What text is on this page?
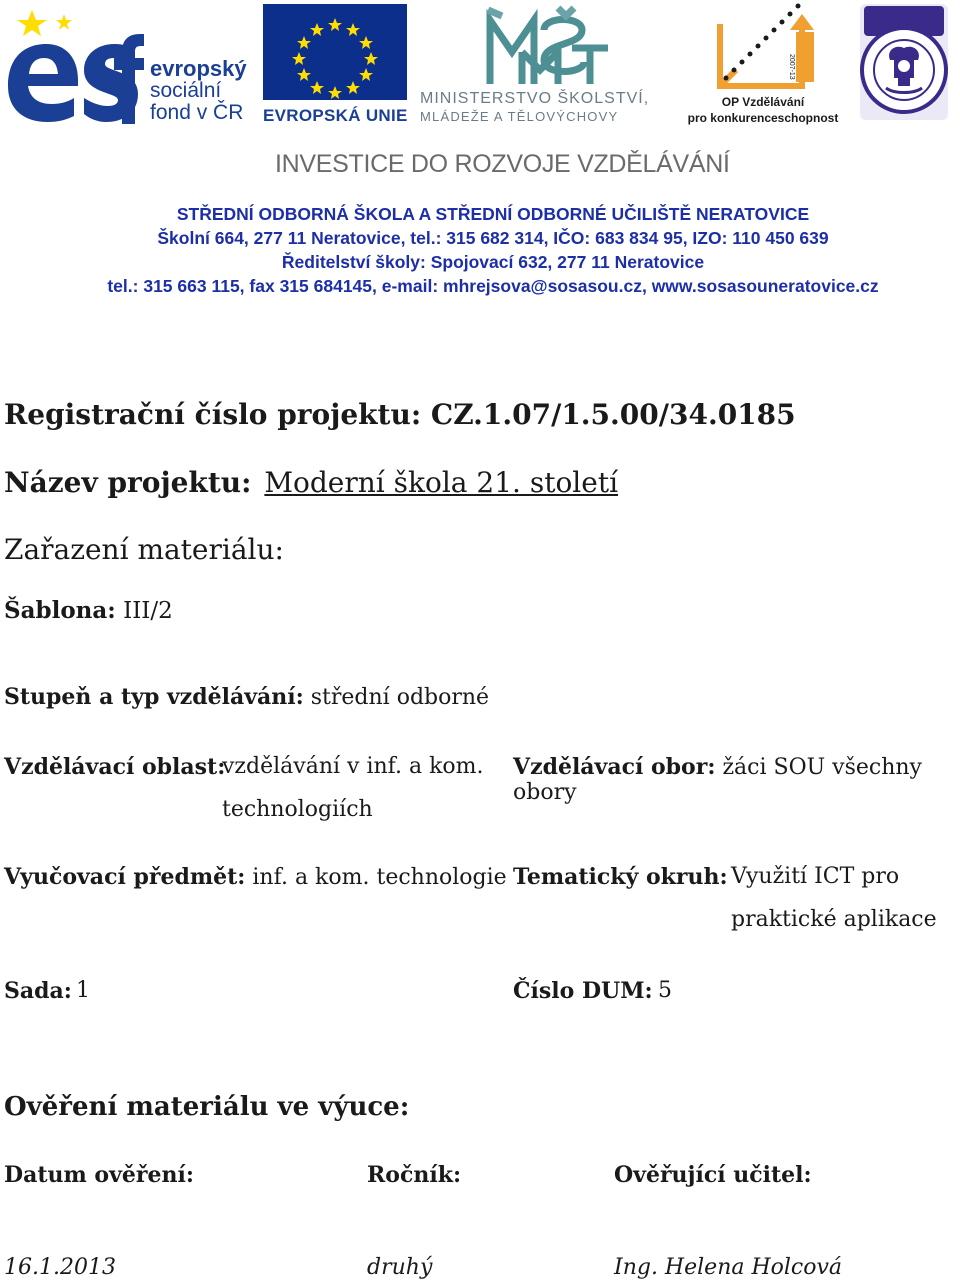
evropský
sociální
fond v ČR EVROPSKÁ UNIE
MINISTERSTVO ŠKOLSTVÍ,
MLÁDEŽE A TĚLOVÝCHOVY
2007-13
OP Vzdělávání
pro konkurenceschopnost
INVESTICE DO ROZVOJE VZDĚLÁVÁNÍ
STŘEDNÍ ODBORNÁ ŠKOLA A STŘEDNÍ ODBORNÉ UČILIŠTĚ NERATOVICE
Školní 664, 277 11 Neratovice, tel.: 315 682 314, IČO: 683 834 95, IZO: 110 450 639
Ředitelství školy: Spojovací 632, 277 11 Neratovice
tel.: 315 663 115, fax 315 684145, e-mail: mhrejsova@sosasou.cz, www.sosasouneratovice.cz
Registrační číslo projektu: CZ.1.07/1.5.00/34.0185
Název projektu: Moderní škola 21. století
Zařazení materiálu:
Šablona: III/2
Stupeň a typ vzdělávání: střední odborné
Vzdělávací oblast:
vzdělávání v inf. a kom.
technologiích
Vzdělávací obor: žáci SOU všechny obory
Vyučovací předmět: inf. a kom. technologie Tematický okruh: Využití ICT pro
praktické aplikace
Sada: 1	Číslo DUM: 5
Ověření materiálu ve výuce:
Datum ověření:	Ročník:	Ověřující učitel:
16.1.2013	druhý	Ing. Helena Holcová
